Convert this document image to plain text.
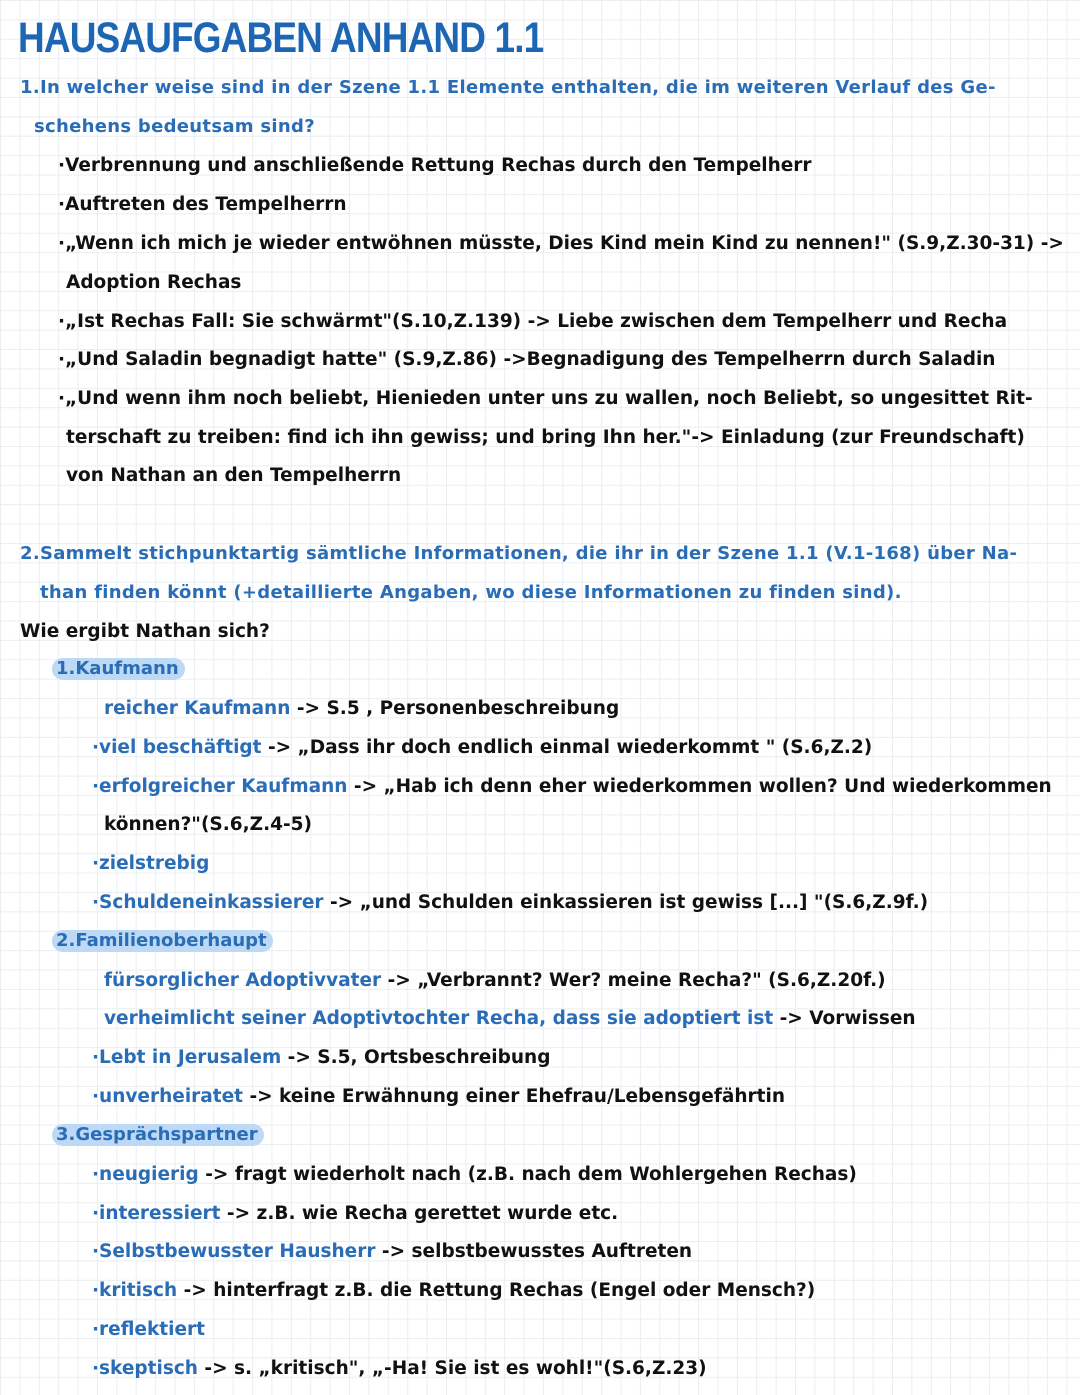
HAUSAUFGABEN ANHAND 1.1
1.In welcher weise sind in der Szene 1.1 Elemente enthalten, die im weiteren Verlauf des Ge-
schehens bedeutsam sind?
·Verbrennung und anschließende Rettung Rechas durch den Tempelherr
·Auftreten des Tempelherrn
·„Wenn ich mich je wieder entwöhnen müsste, Dies Kind mein Kind zu nennen!" (S.9,Z.30-31) ->
Adoption Rechas
·„Ist Rechas Fall: Sie schwärmt"(S.10,Z.139) -> Liebe zwischen dem Tempelherr und Recha
·„Und Saladin begnadigt hatte" (S.9,Z.86) ->Begnadigung des Tempelherrn durch Saladin
·„Und wenn ihm noch beliebt, Hienieden unter uns zu wallen, noch Beliebt, so ungesittet Rit-
terschaft zu treiben: find ich ihn gewiss; und bring Ihn her."-> Einladung (zur Freundschaft)
von Nathan an den Tempelherrn
2.Sammelt stichpunktartig sämtliche Informationen, die ihr in der Szene 1.1 (V.1-168) über Na-
than finden könnt (+detaillierte Angaben, wo diese Informationen zu finden sind).
Wie ergibt Nathan sich?
1.Kaufmann
reicher Kaufmann -> S.5 , Personenbeschreibung
·viel beschäftigt -> „Dass ihr doch endlich einmal wiederkommt " (S.6,Z.2)
·erfolgreicher Kaufmann -> „Hab ich denn eher wiederkommen wollen? Und wiederkommen
können?"(S.6,Z.4-5)
·zielstrebig
·Schuldeneinkassierer -> „und Schulden einkassieren ist gewiss [...] "(S.6,Z.9f.)
2.Familienoberhaupt
fürsorglicher Adoptivvater -> „Verbrannt? Wer? meine Recha?" (S.6,Z.20f.)
verheimlicht seiner Adoptivtochter Recha, dass sie adoptiert ist -> Vorwissen
·Lebt in Jerusalem -> S.5, Ortsbeschreibung
·unverheiratet -> keine Erwähnung einer Ehefrau/Lebensgefährtin
3.Gesprächspartner
·neugierig -> fragt wiederholt nach (z.B. nach dem Wohlergehen Rechas)
·interessiert -> z.B. wie Recha gerettet wurde etc.
·Selbstbewusster Hausherr -> selbstbewusstes Auftreten
·kritisch -> hinterfragt z.B. die Rettung Rechas (Engel oder Mensch?)
·reflektiert
·skeptisch -> s. „kritisch", „-Ha! Sie ist es wohl!"(S.6,Z.23)
